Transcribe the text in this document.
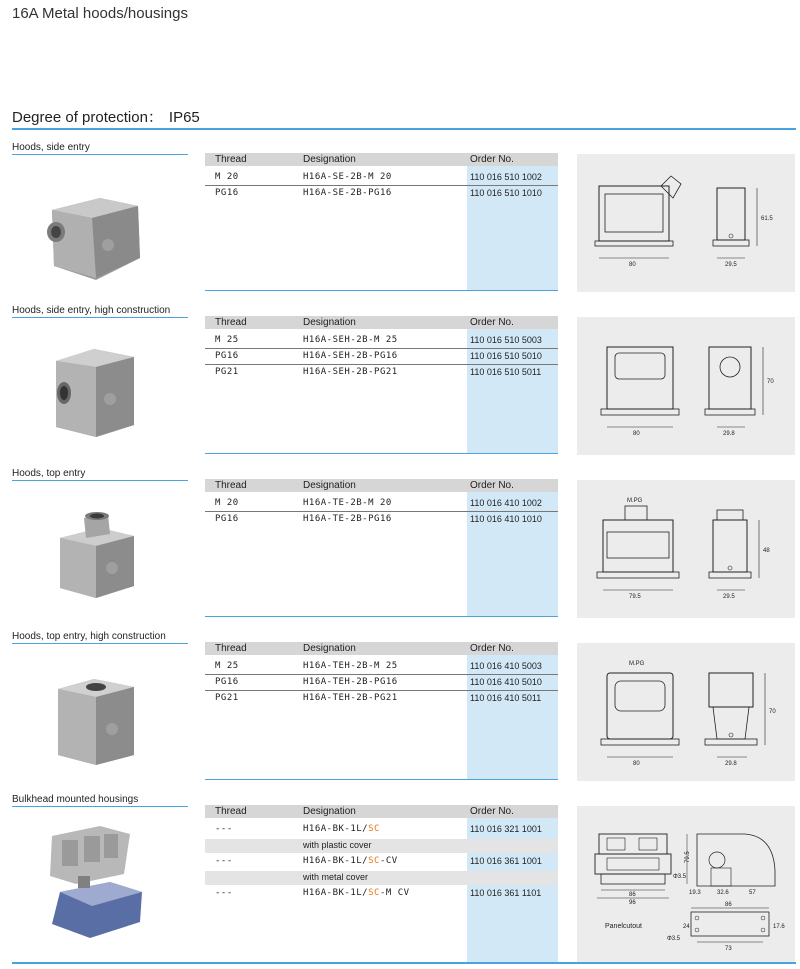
16A Metal hoods/housings
Degree of protection： IP65
Hoods, side entry
Thread	Designation	Order No.
M 20	H16A-SE-2B-M 20	110 016 510 1002
PG16	H16A-SE-2B-PG16	110 016 510 1010
80	29.5
61.5
Hoods, side entry, high construction
Thread	Designation	Order No.
M 25	H16A-SEH-2B-M 25	110 016 510 5003
PG16	H16A-SEH-2B-PG16	110 016 510 5010
PG21	H16A-SEH-2B-PG21	110 016 510 5011
80	29.8
70
Hoods, top entry
Thread	Designation	Order No.
M 20	H16A-TE-2B-M 20	110 016 410 1002
PG16	H16A-TE-2B-PG16	110 016 410 1010
M.PG
79.5	29.5
48
Hoods, top entry, high construction
Thread	Designation	Order No.
M 25	H16A-TEH-2B-M 25	110 016 410 5003
PG16	H16A-TEH-2B-PG16	110 016 410 5010
PG21	H16A-TEH-2B-PG21	110 016 410 5011
M.PG
80	29.8
70
Bulkhead mounted housings
Thread	Designation	Order No.
---	H16A-BK-1L/SC	110 016 321 1001
with plastic cover
---	H16A-BK-1L/SC-CV	110 016 361 1001
with metal cover
---	H16A-BK-1L/SC-M CV	110 016 361 1101	86
96
79.5
Φ3.5
19.3	32.6	57
86
73
24	17.6
Panelcutout
Φ3.5
